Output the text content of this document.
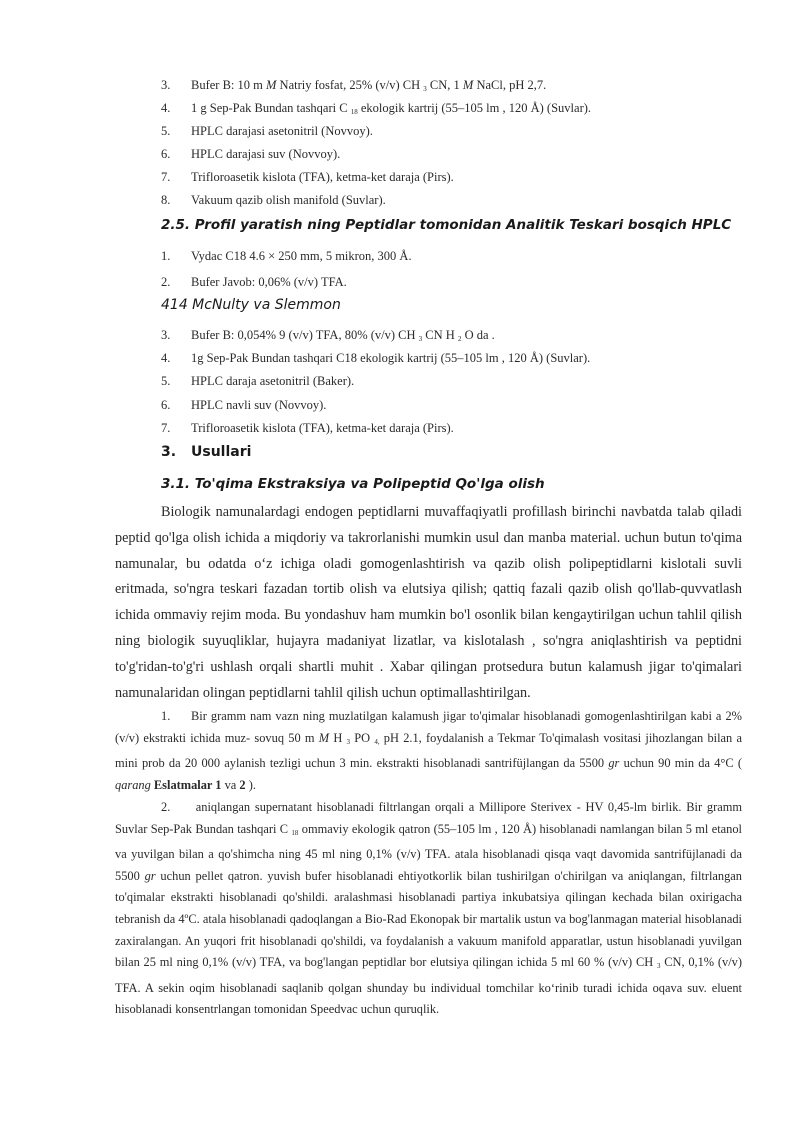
3. Bufer B: 10 m M Natriy fosfat, 25% (v/v) CH $_3$ CN, 1 M NaCl, pH 2,7.
4. 1 g Sep-Pak Bundan tashqari C $_{18}$ ekologik kartrij (55–105 lm , 120 Å) (Suvlar).
5. HPLC darajasi asetonitril (Novvoy).
6. HPLC darajasi suv (Novvoy).
7. Trifloroasetik kislota (TFA), ketma-ket daraja (Pirs).
8. Vakuum qazib olish manifold (Suvlar).
2.5. Profil yaratish ning Peptidlar tomonidan Analitik Teskari bosqich HPLC
1. Vydac C18 4.6 × 250 mm, 5 mikron, 300 Å.
2. Bufer Javob: 0,06% (v/v) TFA.
414 McNulty va Slemmon
3. Bufer B: 0,054% 9 (v/v) TFA, 80% (v/v) CH $_3$ CN H $_2$ O da .
4. 1g Sep-Pak Bundan tashqari C18 ekologik kartrij (55–105 lm , 120 Å) (Suvlar).
5. HPLC daraja asetonitril (Baker).
6. HPLC navli suv (Novvoy).
7. Trifloroasetik kislota (TFA), ketma-ket daraja (Pirs).
3. Usullari
3.1. To'qima Ekstraksiya va Polipeptid Qo'lga olish

Biologik namunalardagi endogen peptidlarni muvaffaqiyatli profillash birinchi navbatda talab qiladi peptid qo'lga olish ichida a miqdoriy va takrorlanishi mumkin usul dan manba material. uchun butun to'qima namunalar, bu odatda o‘z ichiga oladi gomogenlashtirish va qazib olish polipeptidlarni kislotali suvli eritmada, so'ngra teskari fazadan tortib olish va elutsiya qilish; qattiq fazali qazib olish qo'llab-quvvatlash ichida ommaviy rejim moda. Bu yondashuv ham mumkin bo'l osonlik bilan kengaytirilgan uchun tahlil qilish ning biologik suyuqliklar, hujayra madaniyat lizatlar, va kislotalash , so'ngra aniqlashtirish va peptidni to'g'ridan-to'g'ri ushlash orqali shartli muhit . Xabar qilingan protsedura butun kalamush jigar to'qimalari namunalaridan olingan peptidlarni tahlil qilish uchun optimallashtirilgan.

1. Bir gramm nam vazn ning muzlatilgan kalamush jigar to'qimalar hisoblanadi gomogenlashtirilgan kabi a 2% (v/v) ekstrakti ichida muz- sovuq 50 m M H $_3$ PO $_{4,}$ pH 2.1, foydalanish a Tekmar To'qimalash vositasi jihozlangan bilan a mini prob da 20 000 aylanish tezligi uchun 3 min. ekstrakti hisoblanadi santrifüjlangan da 5500 gr uchun 90 min da 4°C ( qarang Eslatmalar 1 va 2 ).

2. aniqlangan supernatant hisoblanadi filtrlangan orqali a Millipore Sterivex - HV 0,45-lm birlik. Bir gramm Suvlar Sep-Pak Bundan tashqari C $_{18}$ ommaviy ekologik qatron (55–105 lm , 120 Å) hisoblanadi namlangan bilan 5 ml etanol va yuvilgan bilan a qo'shimcha ning 45 ml ning 0,1% (v/v) TFA. atala hisoblanadi qisqa vaqt davomida santrifüjlanadi da 5500 gr uchun pellet qatron. yuvish bufer hisoblanadi ehtiyotkorlik bilan tushirilgan o'chirilgan va aniqlangan, filtrlangan to'qimalar ekstrakti hisoblanadi qo'shildi. aralashmasi hisoblanadi partiya inkubatsiya qilingan kechada bilan oxirigacha tebranish da 4ºC. atala hisoblanadi qadoqlangan a Bio-Rad Ekonopak bir martalik ustun va bog'lanmagan material hisoblanadi zaxiralangan. An yuqori frit hisoblanadi qo'shildi, va foydalanish a vakuum manifold apparatlar, ustun hisoblanadi yuvilgan bilan 25 ml ning 0,1% (v/v) TFA, va bog'langan peptidlar bor elutsiya qilingan ichida 5 ml 60 % (v/v) CH $_3$ CN, 0,1% (v/v) TFA. A sekin oqim hisoblanadi saqlanib qolgan shunday bu individual tomchilar ko‘rinib turadi ichida oqava suv. eluent hisoblanadi konsentrlangan tomonidan Speedvac uchun quruqlik.
